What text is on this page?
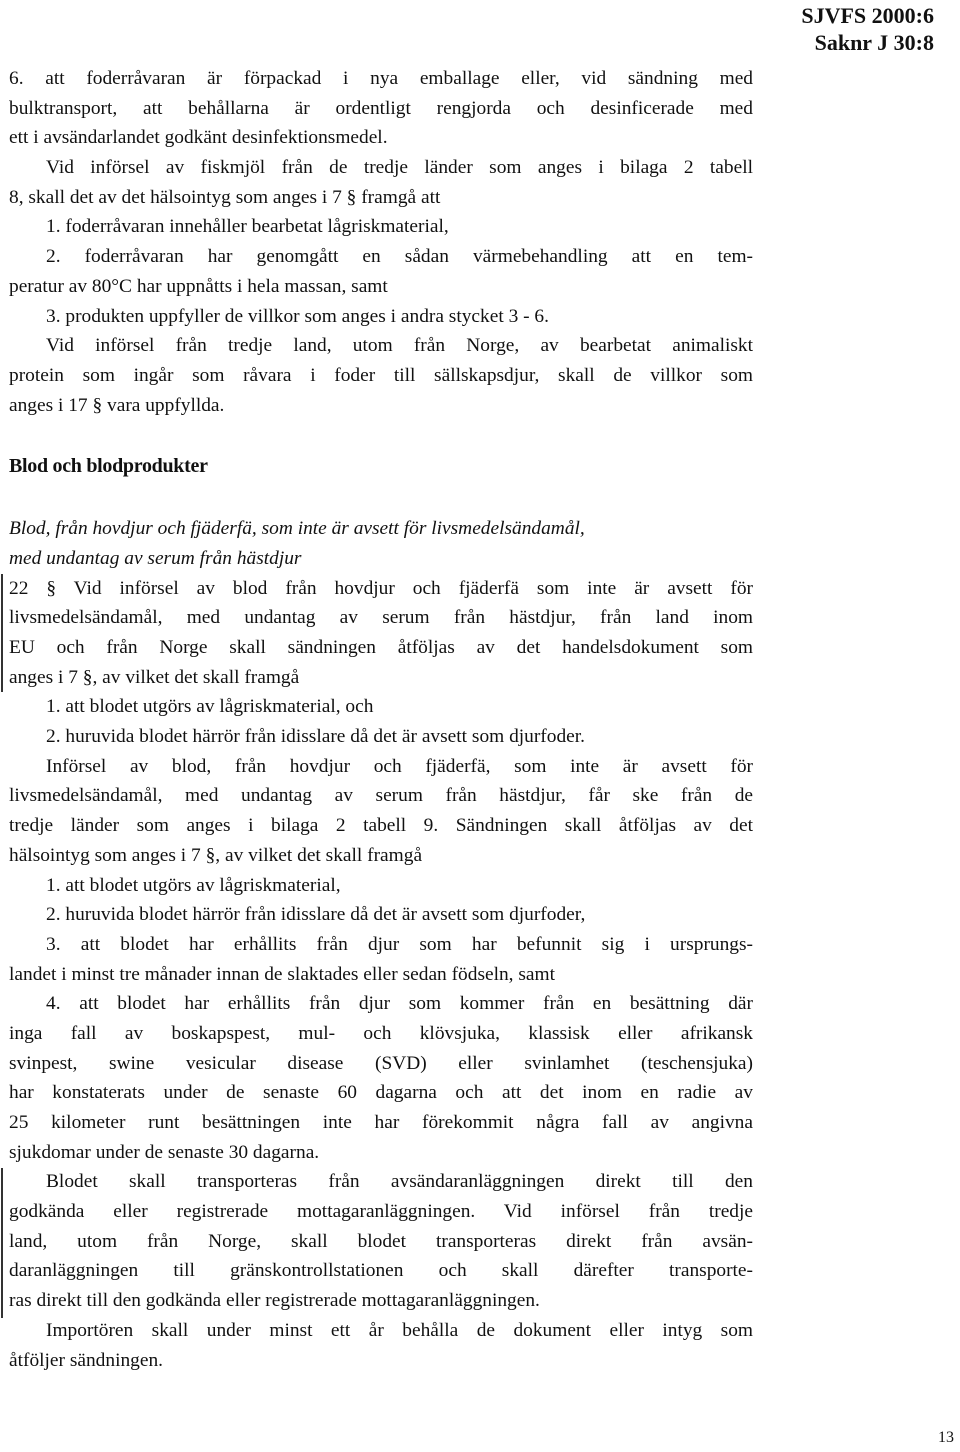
SJVFS 2000:6
Saknr J 30:8
6. att foderråvaran är förpackad i nya emballage eller, vid sändning med
bulktransport, att behållarna är ordentligt rengjorda och desinficerade med
ett i avsändarlandet godkänt desinfektionsmedel.
Vid införsel av fiskmjöl från de tredje länder som anges i bilaga 2 tabell
8, skall det av det hälsointyg som anges i 7 § framgå att
1. foderråvaran innehåller bearbetat lågriskmaterial,
2. foderråvaran har genomgått en sådan värmebehandling att en tem-
peratur av 80°C har uppnåtts i hela massan, samt
3. produkten uppfyller de villkor som anges i andra stycket 3 - 6.
Vid införsel från tredje land, utom från Norge, av bearbetat animaliskt
protein som ingår som råvara i foder till sällskapsdjur, skall de villkor som
anges i 17 § vara uppfyllda.
Blod och blodprodukter
Blod, från hovdjur och fjäderfä, som inte är avsett för livsmedelsändamål,
med undantag av serum från hästdjur
22 § Vid införsel av blod från hovdjur och fjäderfä som inte är avsett för
livsmedelsändamål, med undantag av serum från hästdjur, från land inom
EU och från Norge skall sändningen åtföljas av det handelsdokument som
anges i 7 §, av vilket det skall framgå
1. att blodet utgörs av lågriskmaterial, och
2. huruvida blodet härrör från idisslare då det är avsett som djurfoder.
Införsel av blod, från hovdjur och fjäderfä, som inte är avsett för
livsmedelsändamål, med undantag av serum från hästdjur, får ske från de
tredje länder som anges i bilaga 2 tabell 9. Sändningen skall åtföljas av det
hälsointyg som anges i 7 §, av vilket det skall framgå
1. att blodet utgörs av lågriskmaterial,
2. huruvida blodet härrör från idisslare då det är avsett som djurfoder,
3. att blodet har erhållits från djur som har befunnit sig i ursprungs-
landet i minst tre månader innan de slaktades eller sedan födseln, samt
4. att blodet har erhållits från djur som kommer från en besättning där
inga fall av boskapspest, mul- och klövsjuka, klassisk eller afrikansk
svinpest, swine vesicular disease (SVD) eller svinlamhet (teschensjuka)
har konstaterats under de senaste 60 dagarna och att det inom en radie av
25 kilometer runt besättningen inte har förekommit några fall av angivna
sjukdomar under de senaste 30 dagarna.
Blodet skall transporteras från avsändaranläggningen direkt till den
godkända eller registrerade mottagaranläggningen. Vid införsel från tredje
land, utom från Norge, skall blodet transporteras direkt från avsän-
daranläggningen till gränskontrollstationen och skall därefter transporte-
ras direkt till den godkända eller registrerade mottagaranläggningen.
Importören skall under minst ett år behålla de dokument eller intyg som
åtföljer sändningen.
13
